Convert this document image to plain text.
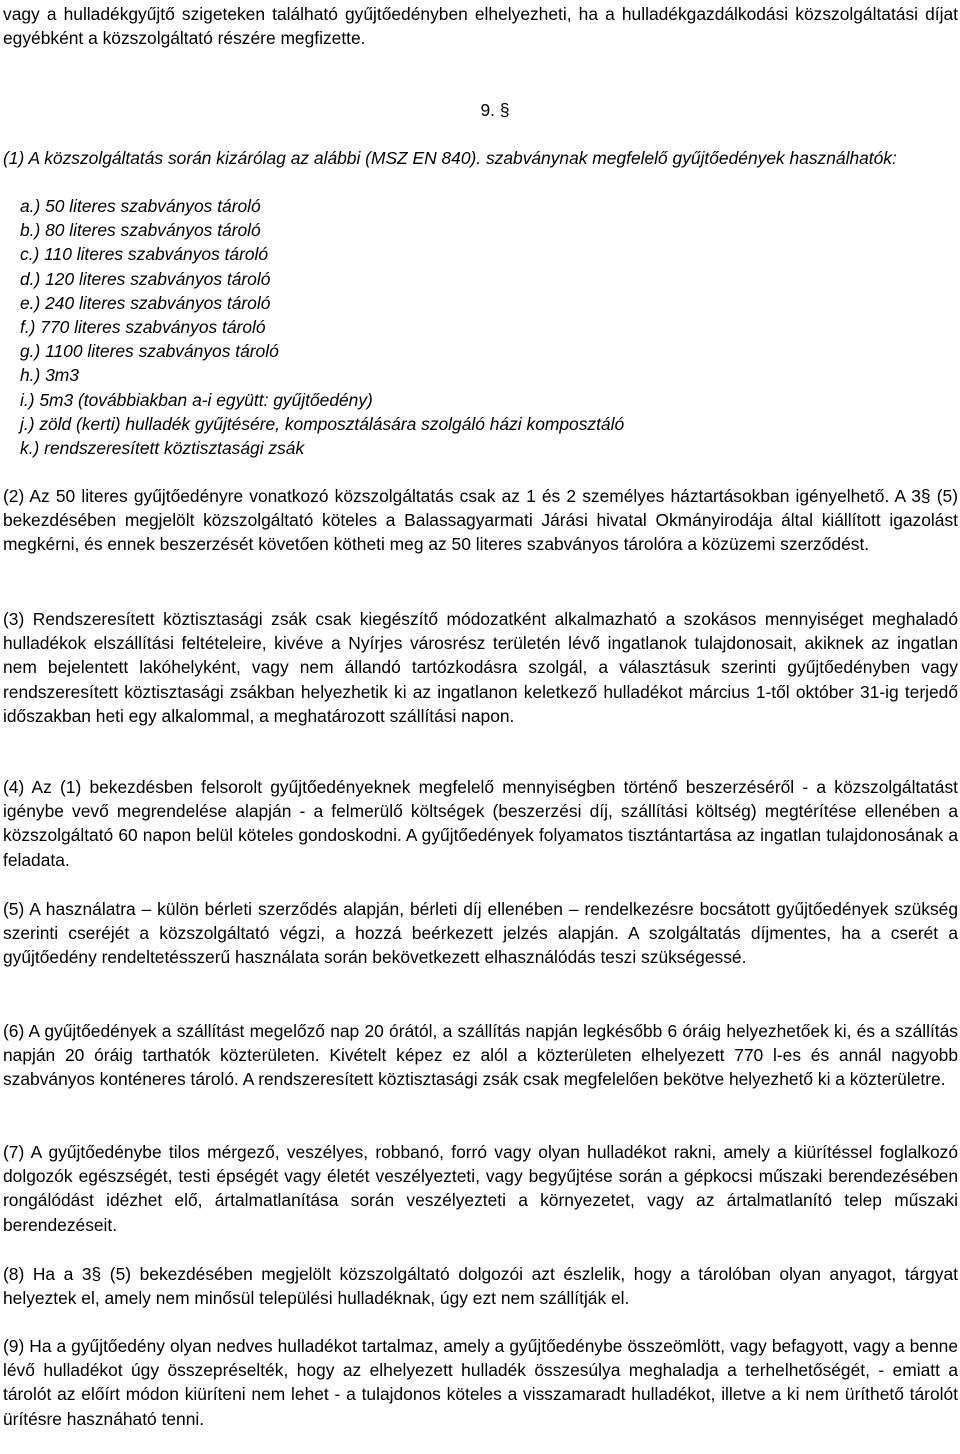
vagy a hulladékgyűjtő szigeteken található gyűjtőedényben elhelyezheti, ha a hulladékgazdálkodási közszolgáltatási díjat egyébként a közszolgáltató részére megfizette.

9. §

(1) A közszolgáltatás során kizárólag az alábbi (MSZ EN 840). szabványnak megfelelő gyűjtőedények használhatók:

a.) 50 literes szabványos tároló
b.) 80 literes szabványos tároló
c.) 110 literes szabványos tároló
d.) 120 literes szabványos tároló
e.) 240 literes szabványos tároló
f.) 770 literes szabványos tároló
g.) 1100 literes szabványos tároló
h.) 3m3
i.) 5m3 (továbbiakban a-i együtt: gyűjtőedény)
j.) zöld (kerti) hulladék gyűjtésére, komposztálására szolgáló házi komposztáló
k.) rendszeresített köztisztasági zsák

(2) Az 50 literes gyűjtőedényre vonatkozó közszolgáltatás csak az 1 és 2 személyes háztartásokban igényelhető. A 3§ (5) bekezdésében megjelölt közszolgáltató köteles a Balassagyarmati Járási hivatal Okmányirodája által kiállított igazolást megkérni, és ennek beszerzését követően kötheti meg az 50 literes szabványos tárolóra a közüzemi szerződést.

(3) Rendszeresített köztisztasági zsák csak kiegészítő módozatként alkalmazható a szokásos mennyiséget meghaladó hulladékok elszállítási feltételeire, kivéve a Nyírjes városrész területén lévő ingatlanok tulajdonosait, akiknek az ingatlan nem bejelentett lakóhelyként, vagy nem állandó tartózkodásra szolgál, a választásuk szerinti gyűjtőedényben vagy rendszeresített köztisztasági zsákban helyezhetik ki az ingatlanon keletkező hulladékot március 1-től október 31-ig terjedő időszakban heti egy alkalommal, a meghatározott szállítási napon.

(4) Az (1) bekezdésben felsorolt gyűjtőedényeknek megfelelő mennyiségben történő beszerzéséről - a közszolgáltatást igénybe vevő megrendelése alapján - a felmerülő költségek (beszerzési díj, szállítási költség) megtérítése ellenében a közszolgáltató 60 napon belül köteles gondoskodni. A gyűjtőedények folyamatos tisztántartása az ingatlan tulajdonosának a feladata.

(5) A használatra – külön bérleti szerződés alapján, bérleti díj ellenében – rendelkezésre bocsátott gyűjtőedények szükség szerinti cseréjét a közszolgáltató végzi, a hozzá beérkezett jelzés alapján. A szolgáltatás díjmentes, ha a cserét a gyűjtőedény rendeltetésszerű használata során bekövetkezett elhasználódás teszi szükségessé.

(6) A gyűjtőedények a szállítást megelőző nap 20 órától, a szállítás napján legkésőbb 6 óráig helyezhetőek ki, és a szállítás napján 20 óráig tarthatók közterületen. Kivételt képez ez alól a közterületen elhelyezett 770 l-es és annál nagyobb szabványos konténeres tároló. A rendszeresített köztisztasági zsák csak megfelelően bekötve helyezhető ki a közterületre.

(7) A gyűjtőedénybe tilos mérgező, veszélyes, robbanó, forró vagy olyan hulladékot rakni, amely a kiürítéssel foglalkozó dolgozók egészségét, testi épségét vagy életét veszélyezteti, vagy begyűjtése során a gépkocsi műszaki berendezésében rongálódást idézhet elő, ártalmatlanítása során veszélyezteti a környezetet, vagy az ártalmatlanító telep műszaki berendezéseit.

(8) Ha a 3§ (5) bekezdésében megjelölt közszolgáltató dolgozói azt észlelik, hogy a tárolóban olyan anyagot, tárgyat helyeztek el, amely nem minősül települési hulladéknak, úgy ezt nem szállítják el.

(9) Ha a gyűjtőedény olyan nedves hulladékot tartalmaz, amely a gyűjtőedénybe összeömlött, vagy befagyott, vagy a benne lévő hulladékot úgy összepréselték, hogy az elhelyezett hulladék összesúlya meghaladja a terhelhetőségét, - emiatt a tárolót az előírt módon kiüríteni nem lehet - a tulajdonos köteles a visszamaradt hulladékot, illetve a ki nem üríthető tárolót ürítésre hasznáható tenni.
